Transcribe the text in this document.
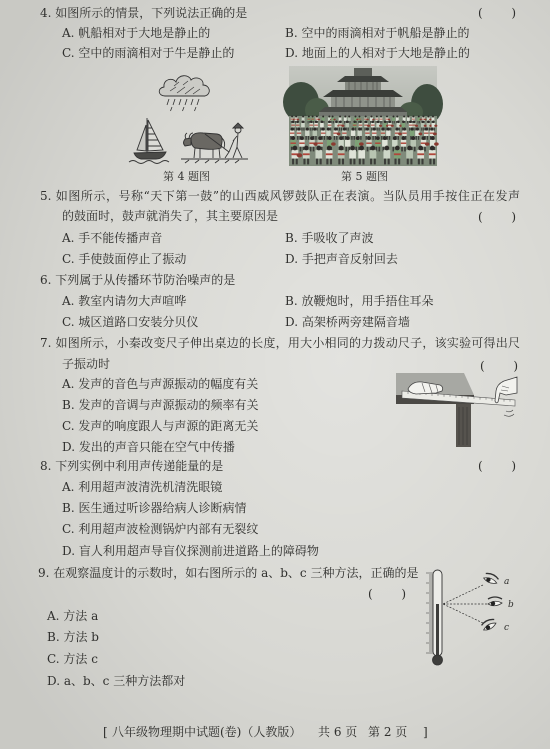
4. 如图所示的情景，下列说法正确的是	( )
A. 帆船相对于大地是静止的	B. 空中的雨滴相对于帆船是静止的
C. 空中的雨滴相对于牛是静止的	D. 地面上的人相对于大地是静止的
第 4 题图	第 5 题图
5. 如图所示，号称“天下第一鼓”的山西威风锣鼓队正在表演。当队员用手按住正在发声
的鼓面时，鼓声就消失了，其主要原因是	( )
A. 手不能传播声音	B. 手吸收了声波
C. 手使鼓面停止了振动	D. 手把声音反射回去
6. 下列属于从传播环节防治噪声的是
A. 教室内请勿大声喧哗	B. 放鞭炮时，用手捂住耳朵
C. 城区道路口安装分贝仪	D. 高架桥两旁建隔音墙
7. 如图所示，小秦改变尺子伸出桌边的长度，用大小相同的力拨动尺子，该实验可得出尺
子振动时	( )
A. 发声的音色与声源振动的幅度有关
B. 发声的音调与声源振动的频率有关
C. 发声的响度跟人与声源的距离无关
D. 发出的声音只能在空气中传播
8. 下列实例中利用声传递能量的是	( )
A. 利用超声波清洗机清洗眼镜
B. 医生通过听诊器给病人诊断病情
C. 利用超声波检测锅炉内部有无裂纹
D. 盲人利用超声导盲仪探测前进道路上的障碍物
9. 在观察温度计的示数时，如右图所示的 a、b、c 三种方法，正确的是
( )
A. 方法 a
B. 方法 b
C. 方法 c
D. a、b、c 三种方法都对
a
b
c
[ 八年级物理期中试题(卷)（人教版） 共 6 页 第 2 页 ]
